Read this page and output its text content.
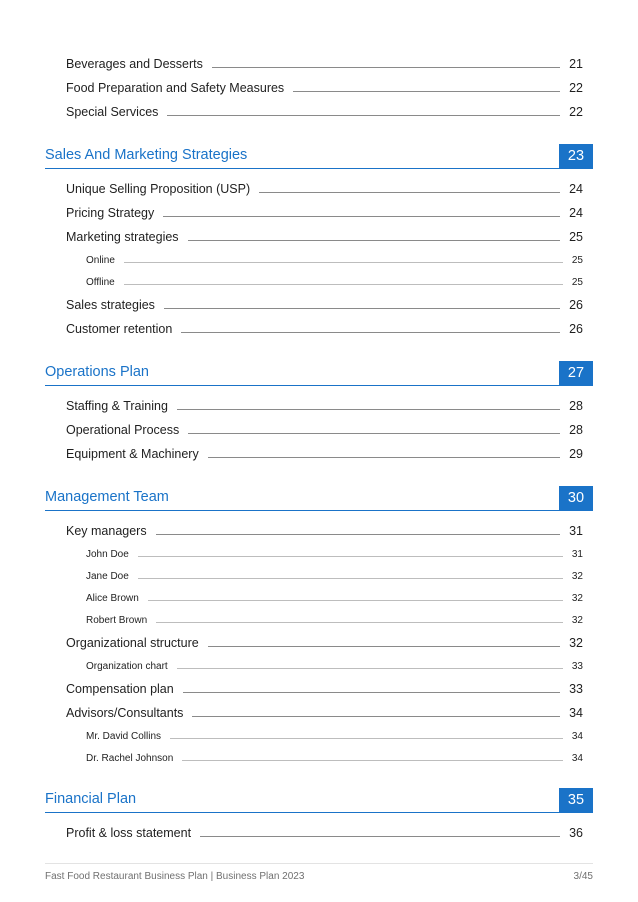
Beverages and Desserts	21
Food Preparation and Safety Measures	22
Special Services	22
Sales And Marketing Strategies	23
Unique Selling Proposition (USP)	24
Pricing Strategy	24
Marketing strategies	25
Online	25
Offline	25
Sales strategies	26
Customer retention	26
Operations Plan	27
Staffing & Training	28
Operational Process	28
Equipment & Machinery	29
Management Team	30
Key managers	31
John Doe	31
Jane Doe	32
Alice Brown	32
Robert Brown	32
Organizational structure	32
Organization chart	33
Compensation plan	33
Advisors/Consultants	34
Mr. David Collins	34
Dr. Rachel Johnson	34
Financial Plan	35
Profit & loss statement	36
Fast Food Restaurant Business Plan | Business Plan 2023	3/45
